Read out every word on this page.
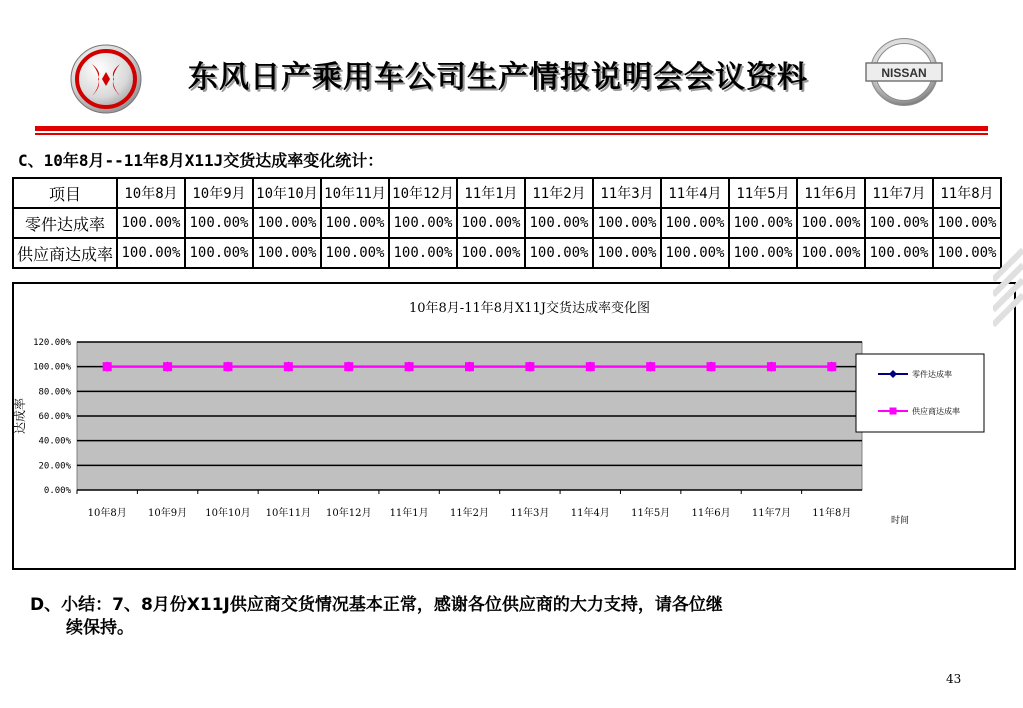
东风日产乘用车公司生产情报说明会会议资料	NISSAN
C、10年8月--11年8月X11J交货达成率变化统计：
项目	10年8月	10年9月	10年10月	10年11月	10年12月	11年1月	11年2月	11年3月	11年4月	11年5月	11年6月	11年7月	11年8月
零件达成率	100.00%	100.00%	100.00%	100.00%	100.00%	100.00%	100.00%	100.00%	100.00%	100.00%	100.00%	100.00%	100.00%
供应商达成率	100.00%	100.00%	100.00%	100.00%	100.00%	100.00%	100.00%	100.00%	100.00%	100.00%	100.00%	100.00%	100.00%
10年8月-11年8月X11J交货达成率变化图
0.00%
20.00%
40.00%
60.00%
80.00%
100.00%
120.00%
10年8月 10年9月 10年10月 10年11月 10年12月 11年1月 11年2月 11年3月 11年4月 11年5月 11年6月 11年7月 11年8月
达成率
时间
零件达成率
供应商达成率
D、小结：7、8月份X11J供应商交货情况基本正常，感谢各位供应商的大力支持，请各位继
续保持。
43
